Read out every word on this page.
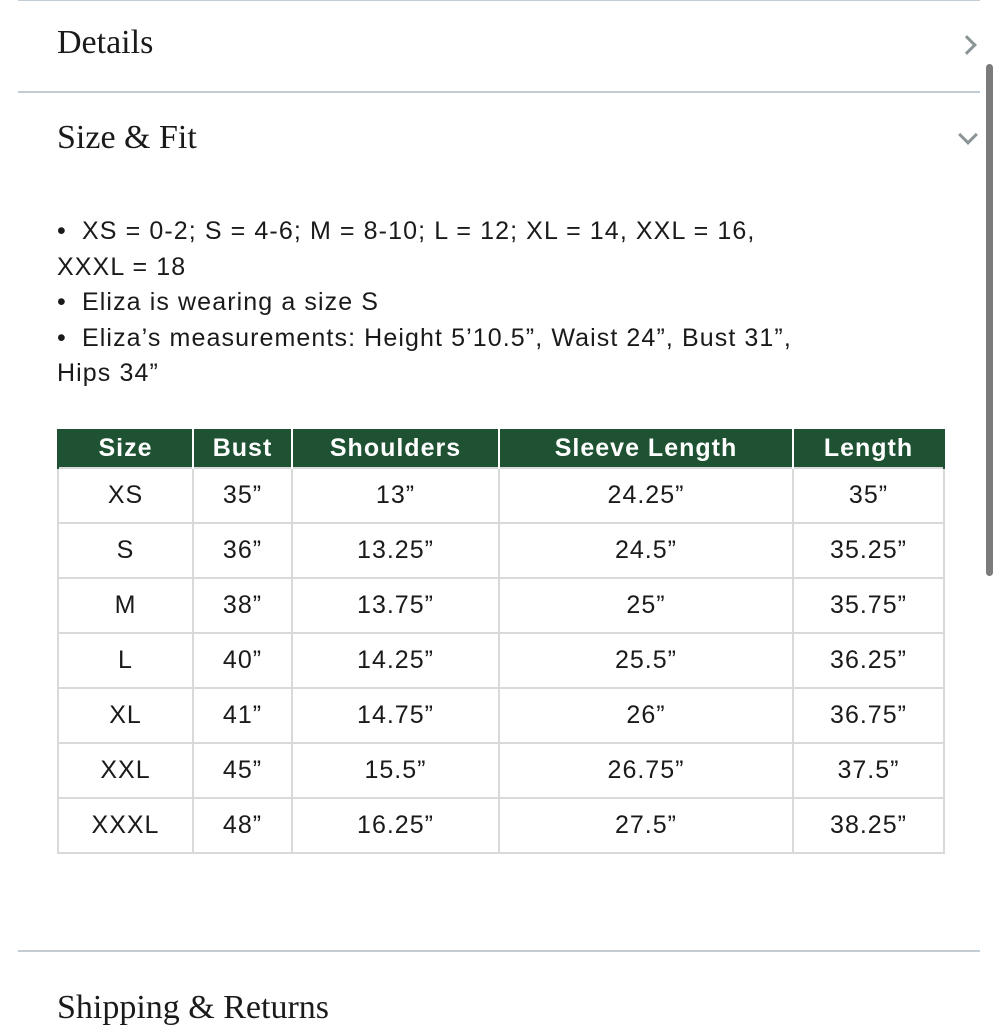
Details
Size & Fit
• XS = 0-2; S = 4-6; M = 8-10; L = 12; XL = 14, XXL = 16,
XXXL = 18
• Eliza is wearing a size S
• Eliza’s measurements: Height 5’10.5”, Waist 24”, Bust 31”,
Hips 34”
Size	Bust	Shoulders	Sleeve Length	Length
XS	35”	13”	24.25”	35”
S	36”	13.25”	24.5”	35.25”
M	38”	13.75”	25”	35.75”
L	40”	14.25”	25.5”	36.25”
XL	41”	14.75”	26”	36.75”
XXL	45”	15.5”	26.75”	37.5”
XXXL	48”	16.25”	27.5”	38.25”
Shipping & Returns
